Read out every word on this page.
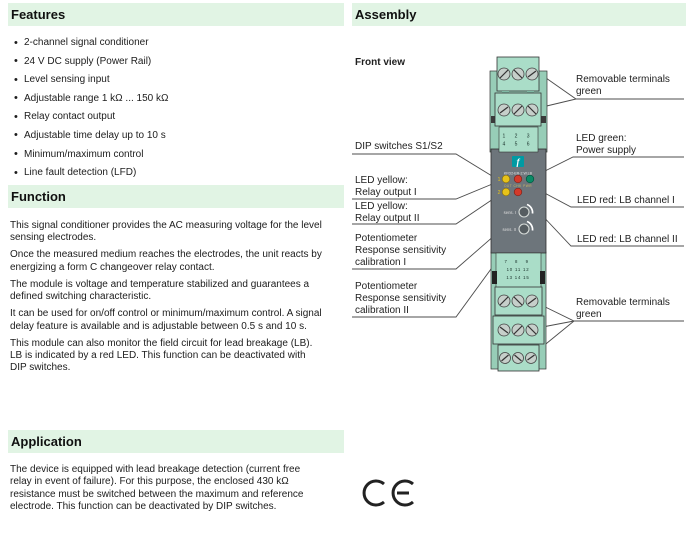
Features
• 2-channel signal conditioner
• 24 V DC supply (Power Rail)
• Level sensing input
• Adjustable range 1 kΩ ... 150 kΩ
• Relay contact output
• Adjustable time delay up to 10 s
• Minimum/maximum control
• Line fault detection (LFD)
Function

This signal conditioner provides the AC measuring voltage for the level sensing electrodes.

Once the measured medium reaches the electrodes, the unit reacts by energizing a form C changeover relay contact.

The module is voltage and temperature stabilized and guarantees a defined switching characteristic.

It can be used for on/off control or minimum/maximum control. A signal delay feature is available and is adjustable between 0.5 s and 10 s.

This module can also monitor the field circuit for lead breakage (LB). LB is indicated by a red LED. This function can be deactivated with DIP switches.

Application

The device is equipped with lead breakage detection (current free relay in event of failure). For this purpose, the enclosed 430 kΩ resistance must be switched between the maximum and reference electrode. This function can be deactivated by DIP switches.

Assembly
1 2 3
4 5 6
f
KFD2-ER-2.W.LB
1
OUT CHK PWR
2
sens. I
sens. II
7 8 9
10 11 12
13 14 15
Front view
DIP switches S1/S2
LED yellow:
Relay output I
LED yellow:
Relay output II
Potentiometer
Response sensitivity
calibration I
Potentiometer
Response sensitivity
calibration II
Removable terminals
green
LED green:
Power supply
LED red: LB channel I
LED red: LB channel II
Removable terminals
green
